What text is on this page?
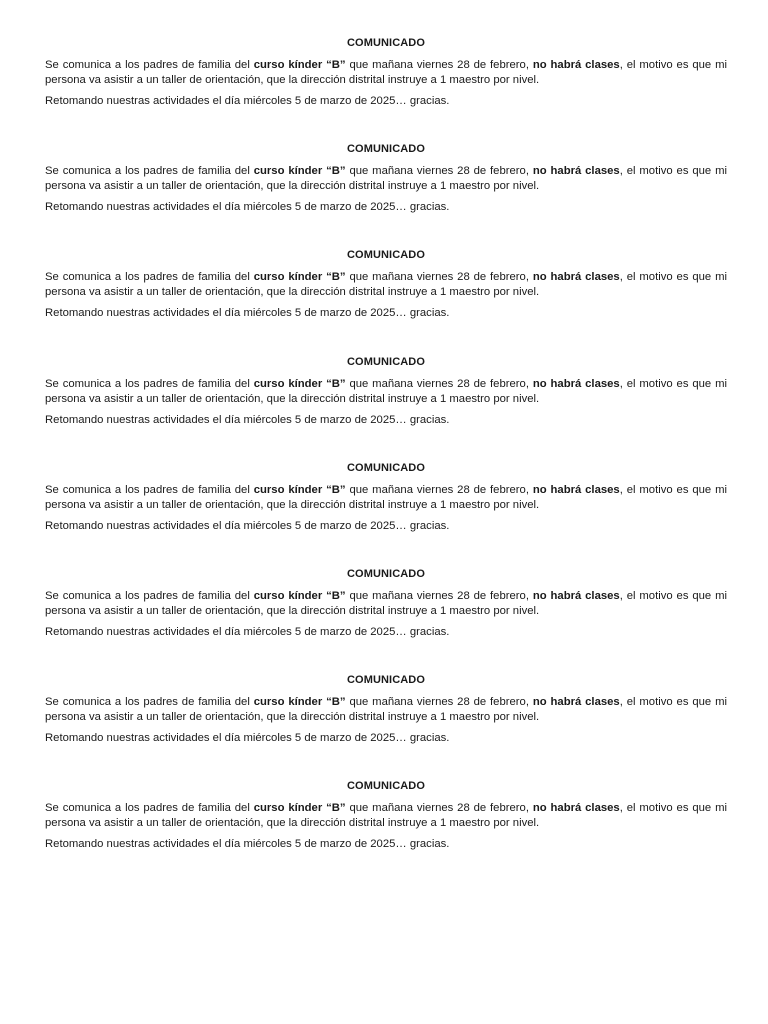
COMUNICADO

Se comunica a los padres de familia del curso kínder “B” que mañana viernes 28 de febrero, no habrá clases, el motivo es que mi persona va asistir a un taller de orientación, que la dirección distrital instruye a 1 maestro por nivel.

Retomando nuestras actividades el día miércoles 5 de marzo de 2025… gracias.

COMUNICADO

Se comunica a los padres de familia del curso kínder “B” que mañana viernes 28 de febrero, no habrá clases, el motivo es que mi persona va asistir a un taller de orientación, que la dirección distrital instruye a 1 maestro por nivel.

Retomando nuestras actividades el día miércoles 5 de marzo de 2025… gracias.

COMUNICADO

Se comunica a los padres de familia del curso kínder “B” que mañana viernes 28 de febrero, no habrá clases, el motivo es que mi persona va asistir a un taller de orientación, que la dirección distrital instruye a 1 maestro por nivel.

Retomando nuestras actividades el día miércoles 5 de marzo de 2025… gracias.

COMUNICADO

Se comunica a los padres de familia del curso kínder “B” que mañana viernes 28 de febrero, no habrá clases, el motivo es que mi persona va asistir a un taller de orientación, que la dirección distrital instruye a 1 maestro por nivel.

Retomando nuestras actividades el día miércoles 5 de marzo de 2025… gracias.

COMUNICADO

Se comunica a los padres de familia del curso kínder “B” que mañana viernes 28 de febrero, no habrá clases, el motivo es que mi persona va asistir a un taller de orientación, que la dirección distrital instruye a 1 maestro por nivel.

Retomando nuestras actividades el día miércoles 5 de marzo de 2025… gracias.

COMUNICADO

Se comunica a los padres de familia del curso kínder “B” que mañana viernes 28 de febrero, no habrá clases, el motivo es que mi persona va asistir a un taller de orientación, que la dirección distrital instruye a 1 maestro por nivel.

Retomando nuestras actividades el día miércoles 5 de marzo de 2025… gracias.

COMUNICADO

Se comunica a los padres de familia del curso kínder “B” que mañana viernes 28 de febrero, no habrá clases, el motivo es que mi persona va asistir a un taller de orientación, que la dirección distrital instruye a 1 maestro por nivel.

Retomando nuestras actividades el día miércoles 5 de marzo de 2025… gracias.

COMUNICADO

Se comunica a los padres de familia del curso kínder “B” que mañana viernes 28 de febrero, no habrá clases, el motivo es que mi persona va asistir a un taller de orientación, que la dirección distrital instruye a 1 maestro por nivel.

Retomando nuestras actividades el día miércoles 5 de marzo de 2025… gracias.
